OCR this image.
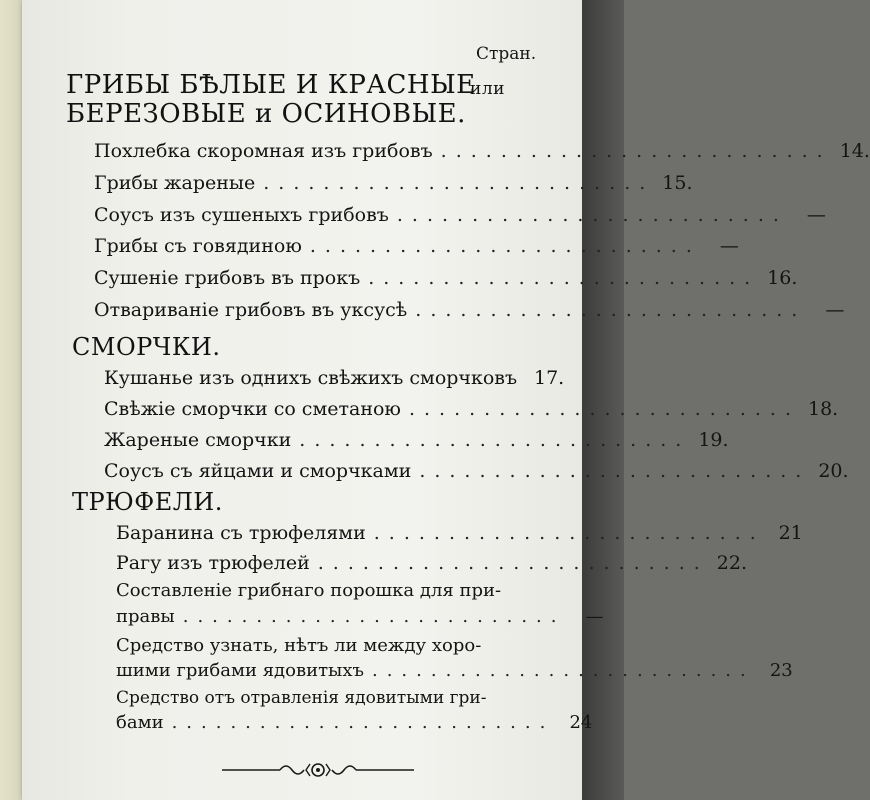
Стран.
ГРИБЫ БѢЛЫЕ И КРАСНЫЕ
или
БЕРЕЗОВЫЕ и ОСИНОВЫЕ.
Похлебка скоромная изъ грибовъ .......................... 14.
Грибы жареные .......................... 15.
Соусъ изъ сушеныхъ грибовъ ..........................	—
Грибы съ говядиною ..........................	—
Сушеніе грибовъ въ прокъ .......................... 16.
Отвариваніе грибовъ въ уксусѣ ..........................	—
СМОРЧКИ.
Кушанье изъ однихъ свѣжихъ сморчковъ 17.
Свѣжіе сморчки со сметаною .......................... 18.
Жареные сморчки .......................... 19.
Соусъ съ яйцами и сморчками .......................... 20.
ТРЮФЕЛИ.
Баранина съ трюфелями .......................... 21
Рагу изъ трюфелей .......................... 22.
Составленіе грибнаго порошка для при-
правы ..........................	—
Средство узнать, нѣтъ ли между хоро-
шими грибами ядовитыхъ .......................... 23
Средство отъ отравленія ядовитыми гри-
бами .......................... 24
